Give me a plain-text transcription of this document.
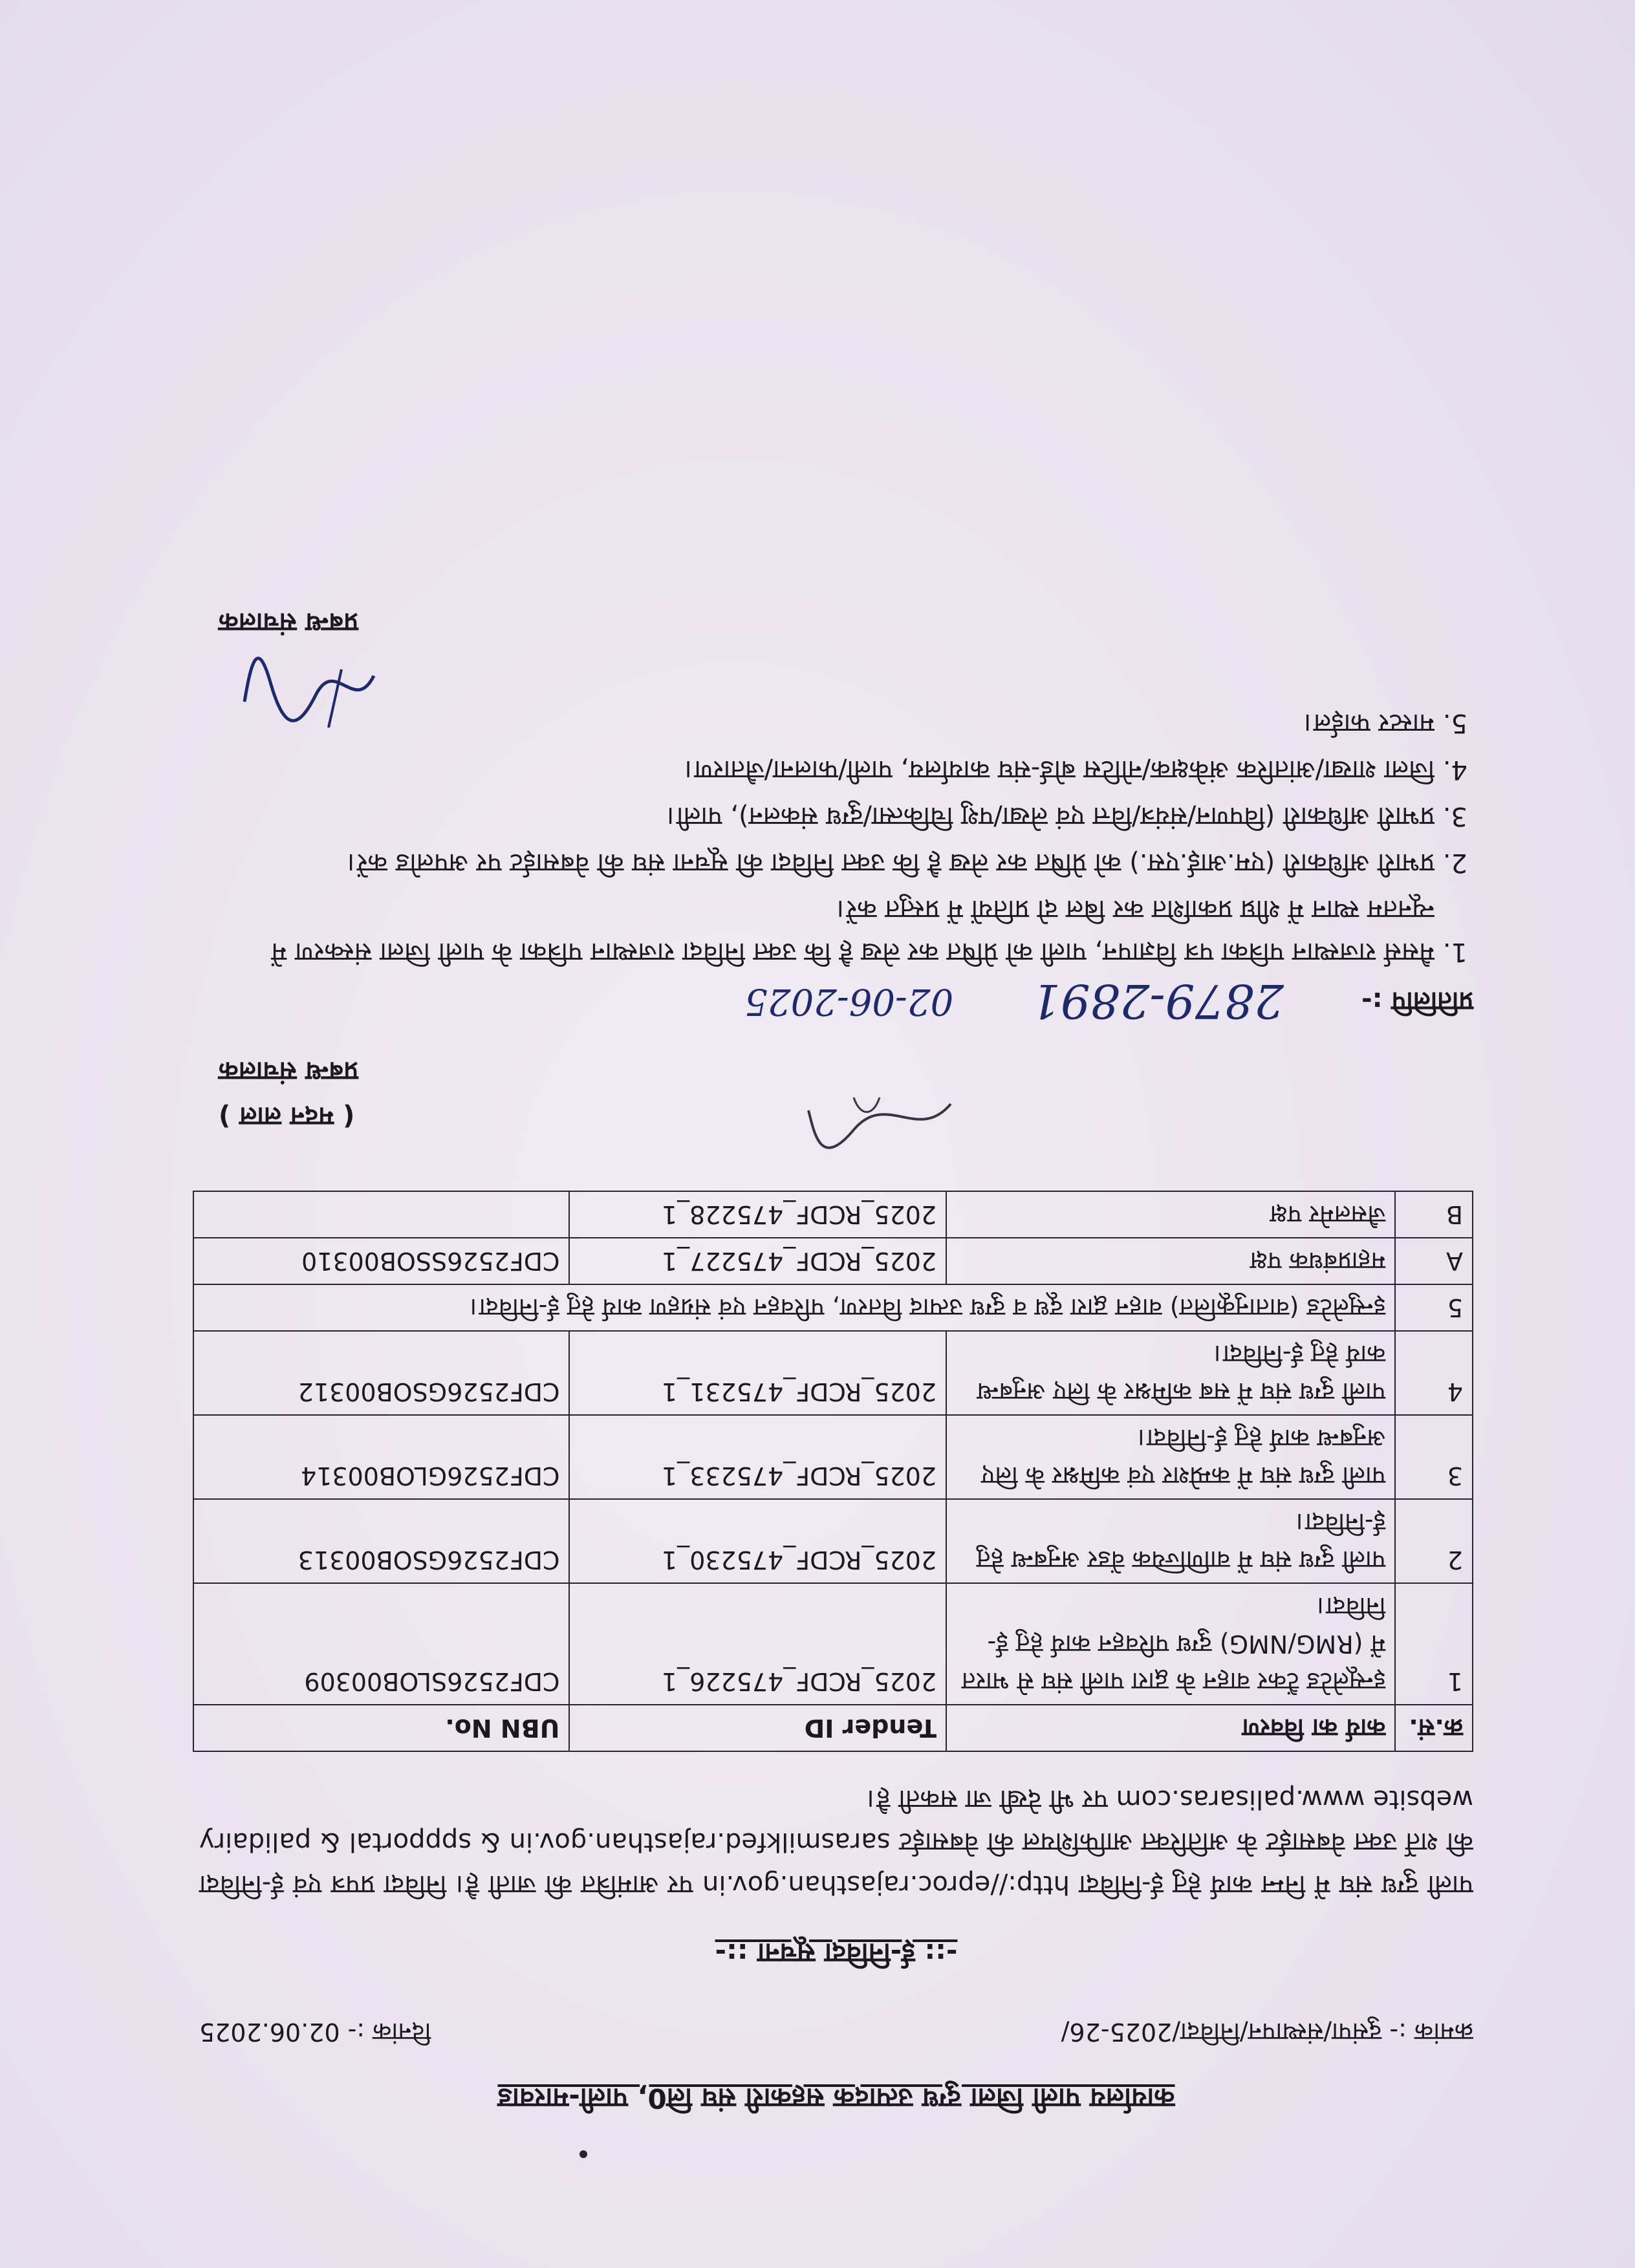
कार्यालय पाली जिला दुग्ध उत्पादक सहकारी संघ लि0, पाली-मारवाड

क्रमांक :- दुसंपा/संस्थापन/निविदा/2025-26/
दिनांक :- 02.06.2025
-:: ई-निविदा सूचना ::-

पाली दुग्ध संघ में निम्न कार्य हेतु ई-निविदा http://eproc.rajasthan.gov.in पर आमंत्रित की जाती है। निविदा प्रपत्र एवं ई-निविदा की शर्ते उक्त वेबसाईट के अतिरिक्त आफिशियल की वेबसाईट sarasmilkfed.rajasthan.gov.in & sppportal & palidairy website www.palisaras.com पर भी देखी जा सकती है।

क्र.सं.	कार्य का विवरण	Tender ID	UBN No.
1	इन्सूलेटेड टैंकर वाहन के द्वारा पाली संघ से भारत में (RMG/NMG) दुग्ध परिवहन कार्य हेतु ई-निविदा।	2025_RCDF_475226_1	CDF2526SLOB00309
2	पाली दुग्ध संघ में वाणिज्यिक वेंडर अनुबन्ध हेतु ई-निविदा।	2025_RCDF_475230_1	CDF2526GSOB00313
3	पाली दुग्ध संघ में कम्प्रेशर एवं कमिश्नर के लिए अनुबन्ध कार्य हेतु ई-निविदा।	2025_RCDF_475233_1	CDF2526GLOB00314
4	पाली दुग्ध संघ में सब कमिश्नर के लिए अनुबन्ध कार्य हेतु ई-निविदा।	2025_RCDF_475231_1	CDF2526GSOB00312
5	इन्सुलेटेड (वातानुकूलित) वाहन द्वारा दूध व दुग्ध उत्पाद वितरण, परिवहन एवं संग्रहण कार्य हेतु ई-निविदा।		
A	महाप्रबंधक पक्ष	2025_RCDF_475227_1	CDF2526SSOB00310
B	जैसलमेर पक्ष	2025_RCDF_475228_1	
( मदन लाल )
प्रबन्ध संचालक
प्रतिलिपि :-
2879-2891
02-06-2025
1. मैसर्स राजस्थान पत्रिका पत्र विज्ञापन, पाली को प्रेषित कर लेख है कि उक्त निविदा राजस्थान पत्रिका के पाली जिला संस्करण में न्यूनतम स्थान में शीघ्र प्रकाशित कर बिल दो प्रतियों में प्रस्तुत करें।
2. प्रभारी अधिकारी (एम.आई.एस.) को प्रेषित कर लेख है कि उक्त निविदा की सूचना संघ की वेबसाईट पर अपलोड करें।
3. प्रभारी अधिकारी (विपणन/संयंत्र/वित्त एवं लेखा/पशु चिकित्सा/दुग्ध संकलन), पाली।
4. जिला शाखा/आंतरिक अंकेक्षक/नोटिस बोर्ड-संघ कार्यालय, पाली/फालना/जैतारण।
5. मास्टर फाईल।
प्रबन्ध संचालक
